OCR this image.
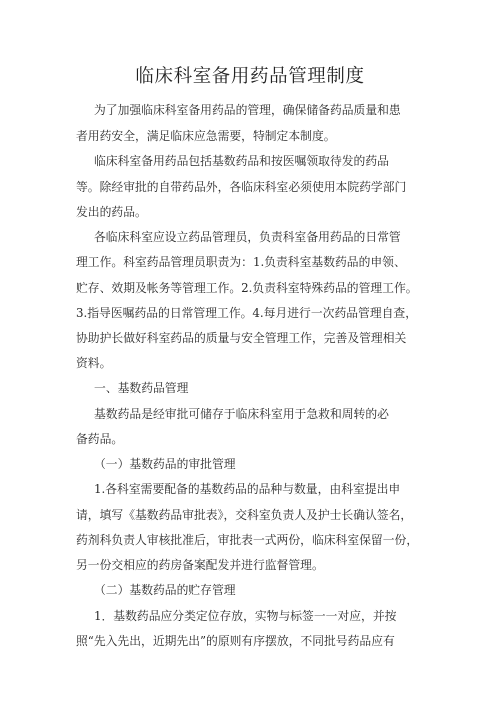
临床科室备用药品管理制度
为了加强临床科室备用药品的管理，确保储备药品质量和患
者用药安全，满足临床应急需要，特制定本制度。
临床科室备用药品包括基数药品和按医嘱领取待发的药品
等。除经审批的自带药品外，各临床科室必须使用本院药学部门
发出的药品。
各临床科室应设立药品管理员，负责科室备用药品的日常管
理工作。科室药品管理员职责为：1.负责科室基数药品的申领、
贮存、效期及帐务等管理工作。2.负责科室特殊药品的管理工作。
3.指导医嘱药品的日常管理工作。4.每月进行一次药品管理自查，
协助护长做好科室药品的质量与安全管理工作，完善及管理相关
资料。
一、基数药品管理
基数药品是经审批可储存于临床科室用于急救和周转的必
备药品。
（一）基数药品的审批管理
1.各科室需要配备的基数药品的品种与数量，由科室提出申
请，填写《基数药品审批表》，交科室负责人及护士长确认签名，
药剂科负责人审核批准后，审批表一式两份，临床科室保留一份，
另一份交相应的药房备案配发并进行监督管理。
（二）基数药品的贮存管理
1．基数药品应分类定位存放，实物与标签一一对应，并按
照“先入先出，近期先出”的原则有序摆放，不同批号药品应有
